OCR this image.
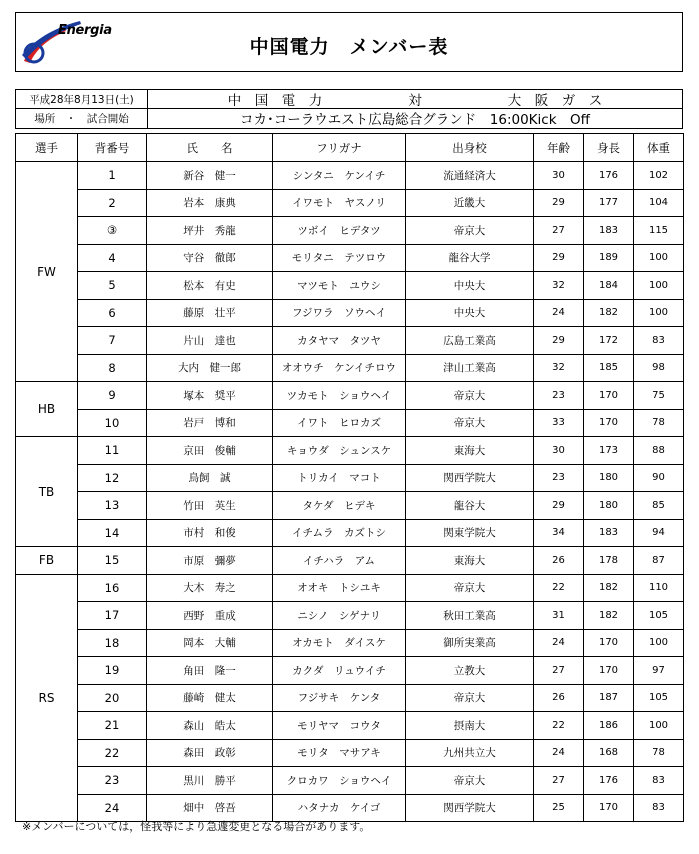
Energia
中国電力　メンバー表
平成28年8月13日(土)	中　国　電　力	対	大　阪　ガ　ス
場所　・　試合開始	コカ･コーラウエスト広島総合グランド　16:00Kick　Off
選手	背番号	氏　　名	フリガナ	出身校	年齢	身長	体重
FW	1	新谷　健一	シンタニ　ケンイチ	流通経済大	30	176	102
	2	岩本　康典	イワモト　ヤスノリ	近畿大	29	177	104
	③	坪井　秀龍	ツボイ　ヒデタツ	帝京大	27	183	115
	4	守谷　徹郎	モリタニ　テツロウ	龍谷大学	29	189	100
	5	松本　有史	マツモト　ユウシ	中央大	32	184	100
	6	藤原　壮平	フジワラ　ソウヘイ	中央大	24	182	100
	7	片山　達也	カタヤマ　タツヤ	広島工業高	29	172	83
	8	大内　健一郎	オオウチ　ケンイチロウ	津山工業高	32	185	98
HB	9	塚本　奨平	ツカモト　ショウヘイ	帝京大	23	170	75
	10	岩戸　博和	イワト　ヒロカズ	帝京大	33	170	78
TB	11	京田　俊輔	キョウダ　シュンスケ	東海大	30	173	88
	12	鳥飼　誠	トリカイ　マコト	関西学院大	23	180	90
	13	竹田　英生	タケダ　ヒデキ	龍谷大	29	180	85
	14	市村　和俊	イチムラ　カズトシ	関東学院大	34	183	94
FB	15	市原　彌夢	イチハラ　アム	東海大	26	178	87
RS	16	大木　寿之	オオキ　トシユキ	帝京大	22	182	110
	17	西野　重成	ニシノ　シゲナリ	秋田工業高	31	182	105
	18	岡本　大輔	オカモト　ダイスケ	御所実業高	24	170	100
	19	角田　隆一	カクダ　リュウイチ	立教大	27	170	97
	20	藤崎　健太	フジサキ　ケンタ	帝京大	26	187	105
	21	森山　皓太	モリヤマ　コウタ	摂南大	22	186	100
	22	森田　政彰	モリタ　マサアキ	九州共立大	24	168	78
	23	黒川　勝平	クロカワ　ショウヘイ	帝京大	27	176	83
	24	畑中　啓吾	ハタナカ　ケイゴ	関西学院大	25	170	83
※メンバーについては，怪我等により急遽変更となる場合があります。
